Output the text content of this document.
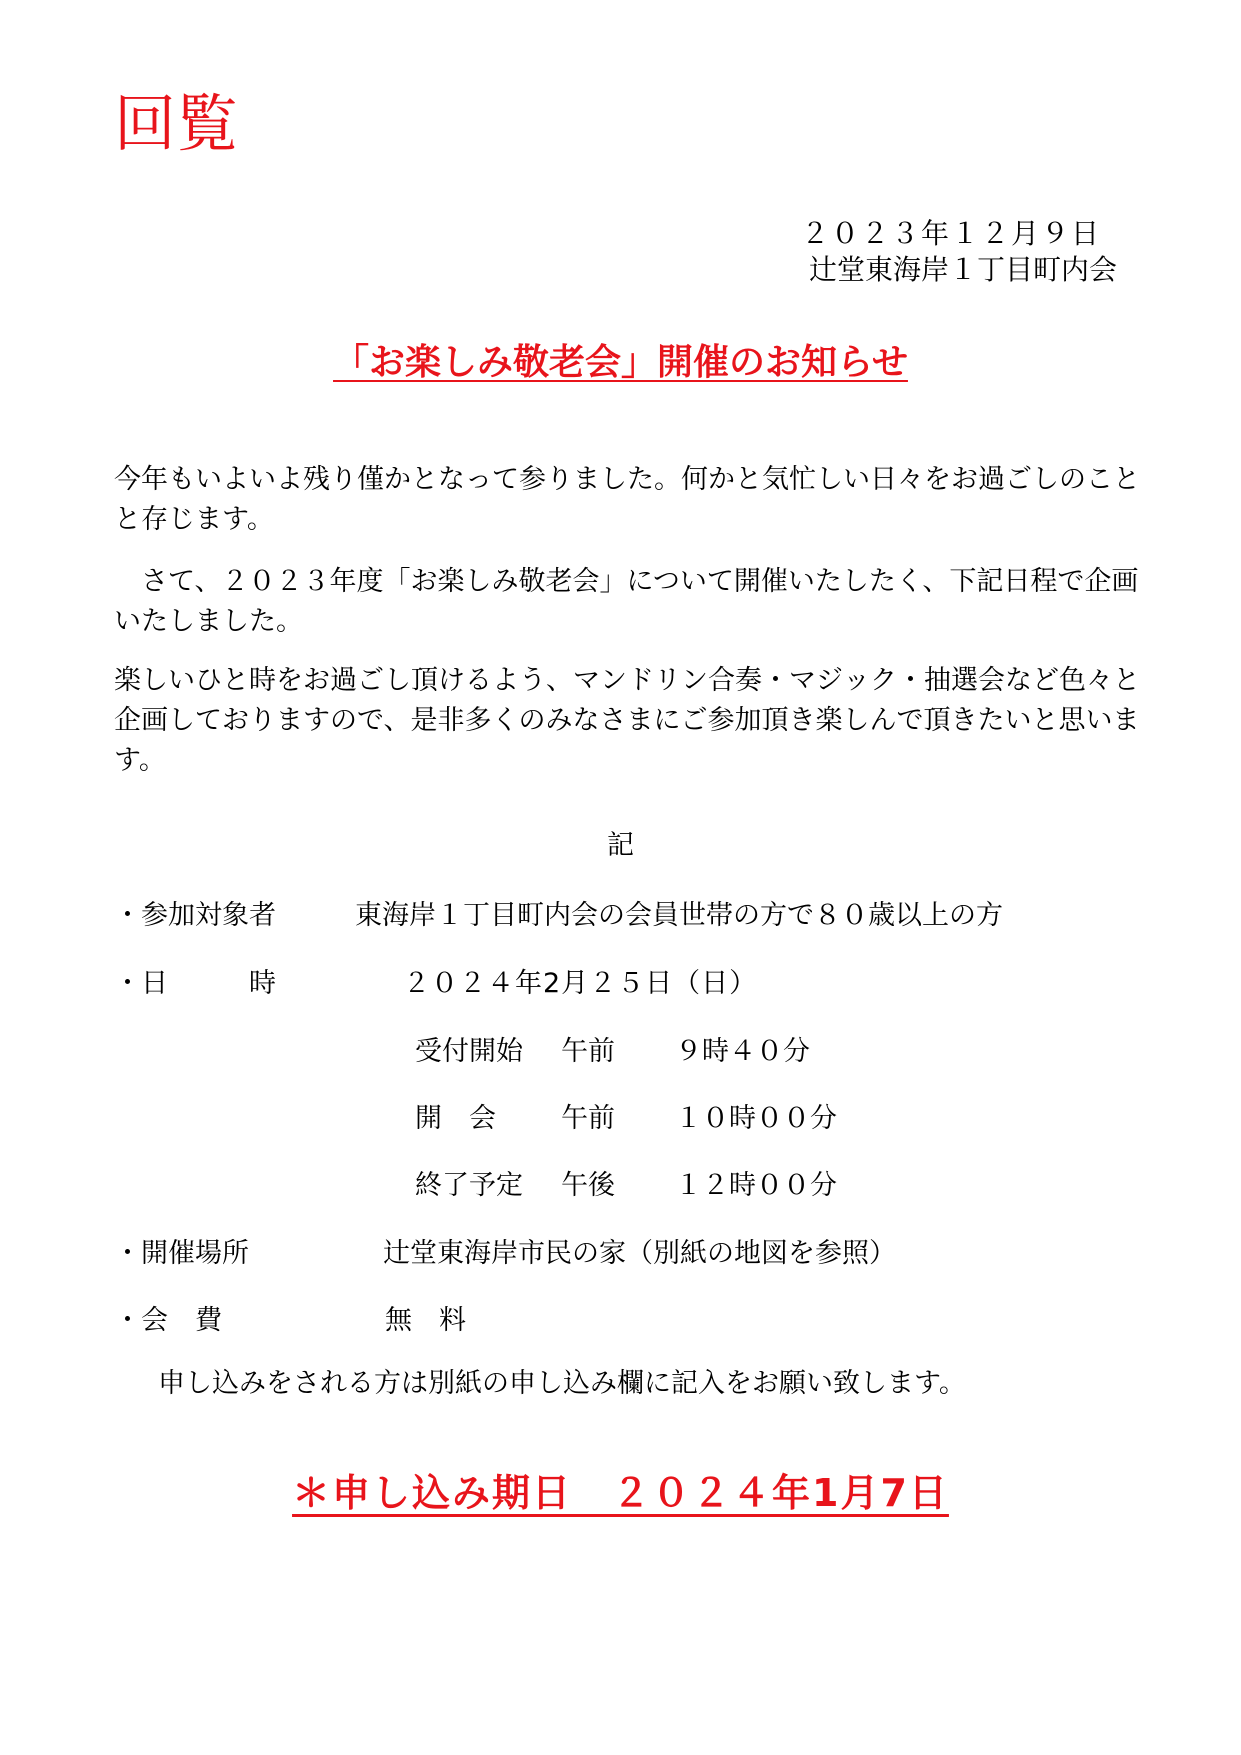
回覧
２０２３年１２月９日
辻堂東海岸１丁目町内会
「お楽しみ敬老会」開催のお知らせ
今年もいよいよ残り僅かとなって参りました。何かと気忙しい日々をお過ごしのことと存じます。
　さて、２０２３年度「お楽しみ敬老会」について開催いたしたく、下記日程で企画いたしました。
楽しいひと時をお過ごし頂けるよう、マンドリン合奏・マジック・抽選会など色々と企画しておりますので、是非多くのみなさまにご参加頂き楽しんで頂きたいと思います。
記
・参加対象者	東海岸１丁目町内会の会員世帯の方で８０歳以上の方
・日　　　時	２０２４年2月２５日（日）
受付開始 午前 ９時４０分
開　会 午前 １０時００分
終了予定 午後 １２時００分
・開催場所	辻堂東海岸市民の家（別紙の地図を参照）
・会　費	無　料
申し込みをされる方は別紙の申し込み欄に記入をお願い致します。
＊申し込み期日　２０２４年1月7日
